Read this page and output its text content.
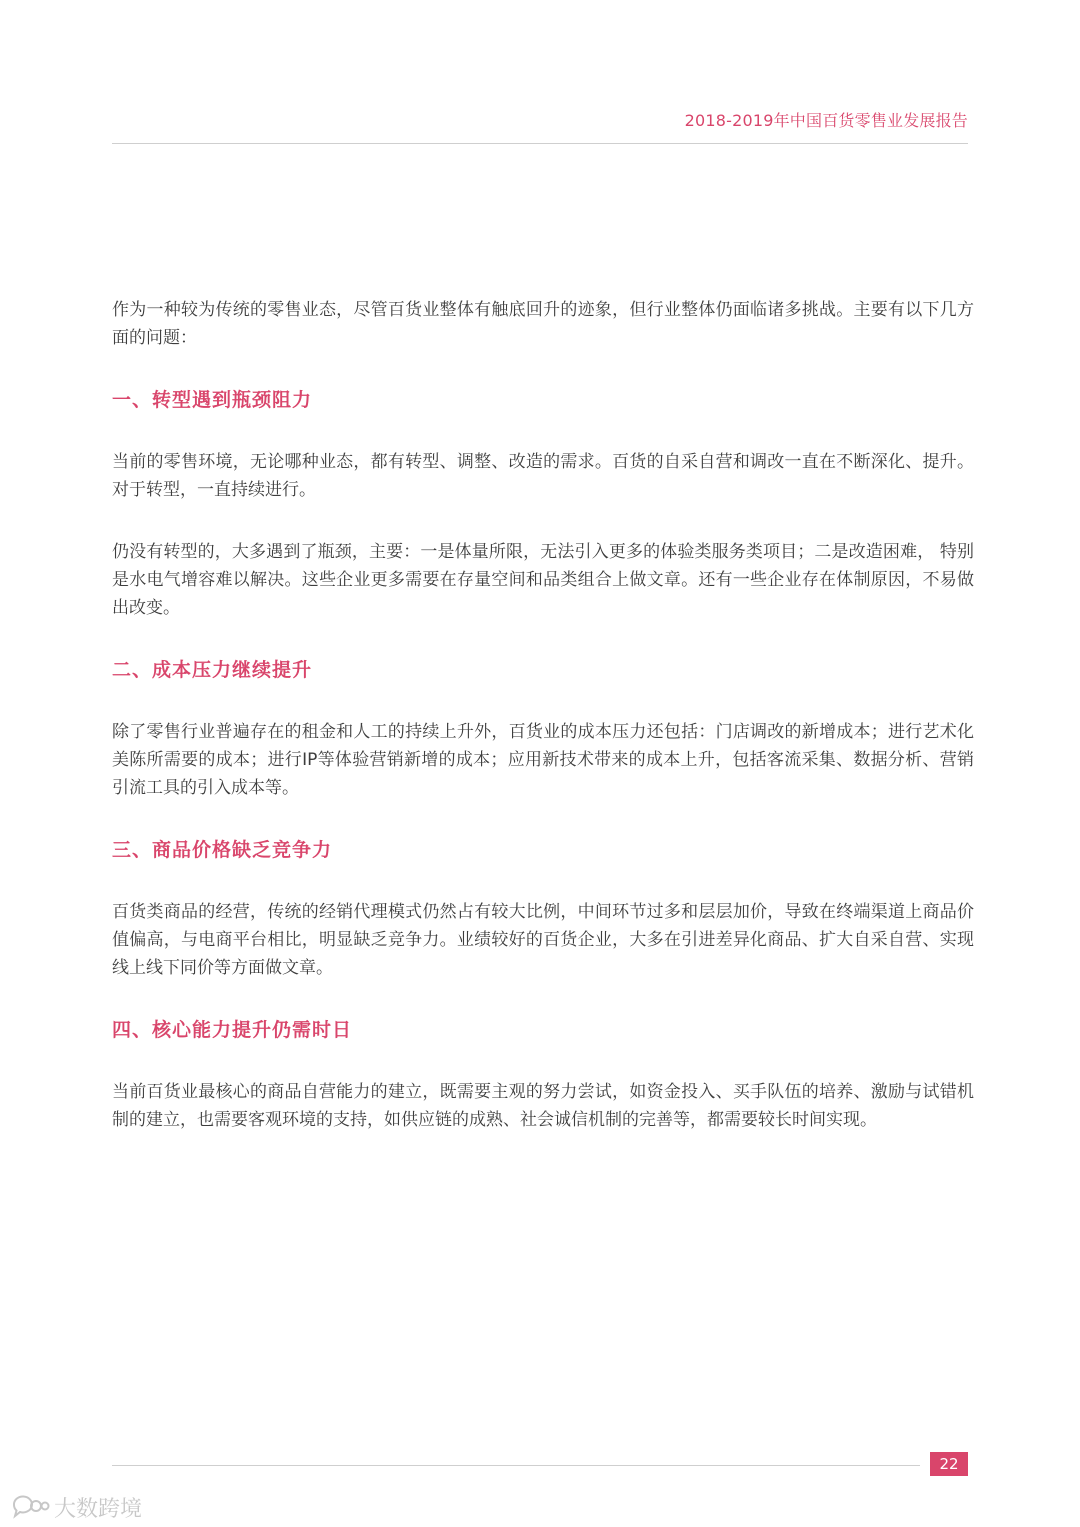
2018-2019年中国百货零售业发展报告

作为一种较为传统的零售业态，尽管百货业整体有触底回升的迹象，但行业整体仍面临诸多挑战。主要有以下几方面的问题：

一、转型遇到瓶颈阻力

当前的零售环境，无论哪种业态，都有转型、调整、改造的需求。百货的自采自营和调改一直在不断深化、提升。对于转型，一直持续进行。

仍没有转型的，大多遇到了瓶颈，主要：一是体量所限，无法引入更多的体验类服务类项目；二是改造困难， 特别是水电气增容难以解决。这些企业更多需要在存量空间和品类组合上做文章。还有一些企业存在体制原因，不易做出改变。

二、成本压力继续提升

除了零售行业普遍存在的租金和人工的持续上升外，百货业的成本压力还包括：门店调改的新增成本；进行艺术化美陈所需要的成本；进行IP等体验营销新增的成本；应用新技术带来的成本上升，包括客流采集、数据分析、营销引流工具的引入成本等。

三、商品价格缺乏竞争力

百货类商品的经营，传统的经销代理模式仍然占有较大比例，中间环节过多和层层加价，导致在终端渠道上商品价值偏高，与电商平台相比，明显缺乏竞争力。业绩较好的百货企业，大多在引进差异化商品、扩大自采自营、实现线上线下同价等方面做文章。

四、核心能力提升仍需时日

当前百货业最核心的商品自营能力的建立，既需要主观的努力尝试，如资金投入、买手队伍的培养、激励与试错机制的建立，也需要客观环境的支持，如供应链的成熟、社会诚信机制的完善等，都需要较长时间实现。

22
大数跨境
